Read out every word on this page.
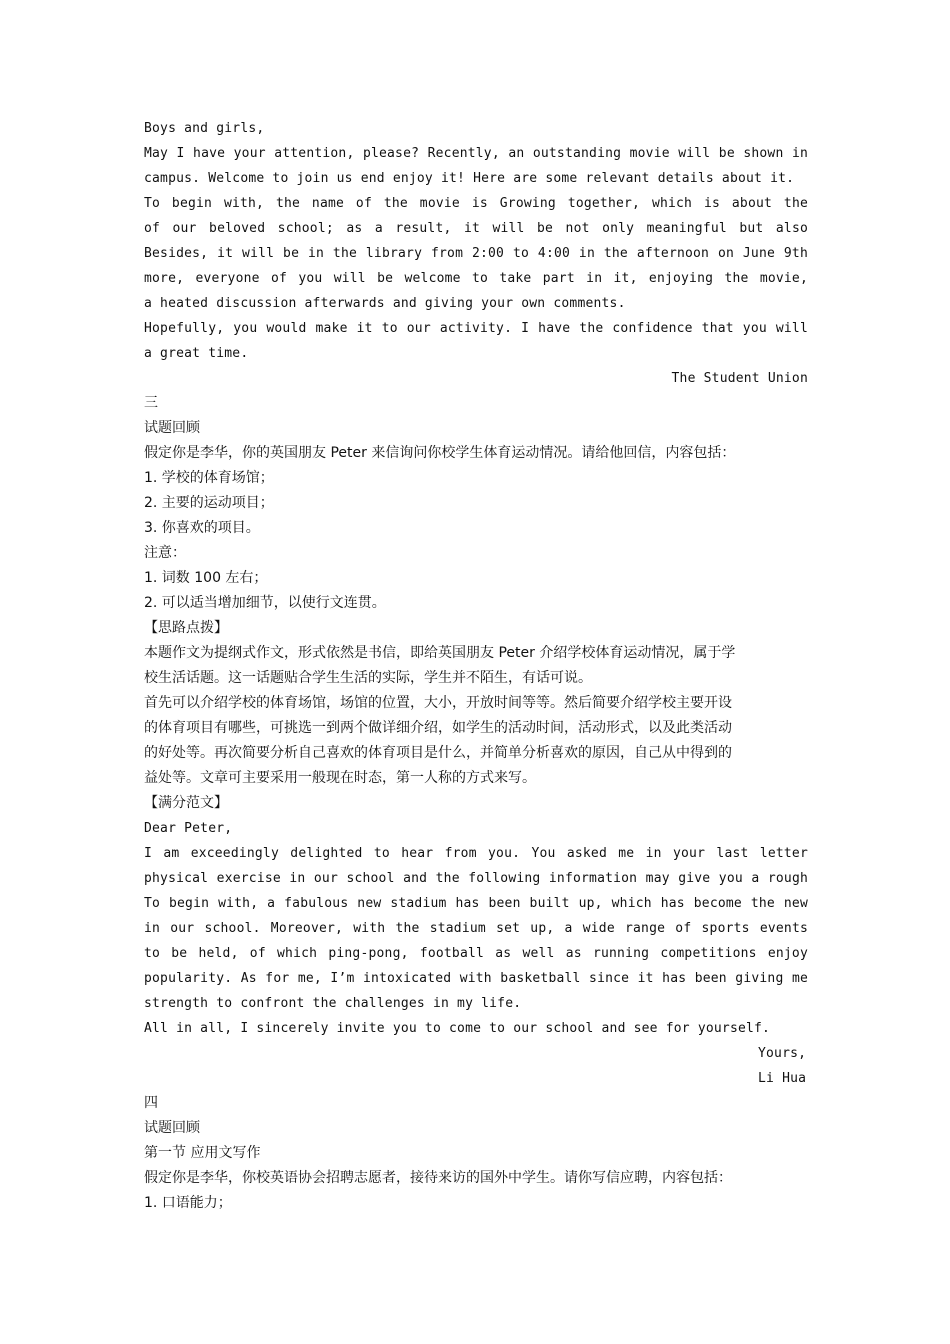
Boys and girls,
May I have your attention, please? Recently, an outstanding movie will be shown in
campus. Welcome to join us end enjoy it! Here are some relevant details about it.
To begin with, the name of the movie is Growing together, which is about the
of our beloved school; as a result, it will be not only meaningful but also
Besides, it will be in the library from 2:00 to 4:00 in the afternoon on June 9th
more, everyone of you will be welcome to take part in it, enjoying the movie,
a heated discussion afterwards and giving your own comments.
Hopefully, you would make it to our activity. I have the confidence that you will
a great time.
The Student Union
三
试题回顾
假定你是李华，你的英国朋友 Peter 来信询问你校学生体育运动情况。请给他回信，内容包括：
1. 学校的体育场馆；
2. 主要的运动项目；
3. 你喜欢的项目。
注意：
1. 词数 100 左右；
2. 可以适当增加细节，以使行文连贯。
【思路点拨】
本题作文为提纲式作文，形式依然是书信，即给英国朋友 Peter 介绍学校体育运动情况，属于学
校生活话题。这一话题贴合学生生活的实际，学生并不陌生，有话可说。
首先可以介绍学校的体育场馆，场馆的位置，大小，开放时间等等。然后简要介绍学校主要开设
的体育项目有哪些，可挑选一到两个做详细介绍，如学生的活动时间，活动形式，以及此类活动
的好处等。再次简要分析自己喜欢的体育项目是什么，并简单分析喜欢的原因，自己从中得到的
益处等。文章可主要采用一般现在时态，第一人称的方式来写。
【满分范文】
Dear Peter,
I am exceedingly delighted to hear from you. You asked me in your last letter
physical exercise in our school and the following information may give you a rough
To begin with, a fabulous new stadium has been built up, which has become the new
in our school. Moreover, with the stadium set up, a wide range of sports events
to be held, of which ping-pong, football as well as running competitions enjoy
popularity. As for me, I’m intoxicated with basketball since it has been giving me
strength to confront the challenges in my life.
All in all, I sincerely invite you to come to our school and see for yourself.
Yours,
Li Hua
四
试题回顾
第一节 应用文写作
假定你是李华，你校英语协会招聘志愿者，接待来访的国外中学生。请你写信应聘，内容包括：
1. 口语能力；
